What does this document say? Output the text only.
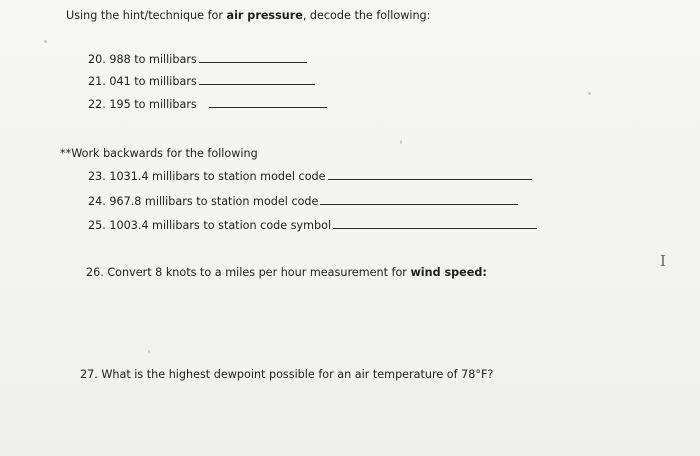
Using the hint/technique for air pressure, decode the following:
20. 988 to millibars
21. 041 to millibars
22. 195 to millibars
**Work backwards for the following
23. 1031.4 millibars to station model code
24. 967.8 millibars to station model code
25. 1003.4 millibars to station code symbol
26. Convert 8 knots to a miles per hour measurement for wind speed:
27. What is the highest dewpoint possible for an air temperature of 78°F?
I
